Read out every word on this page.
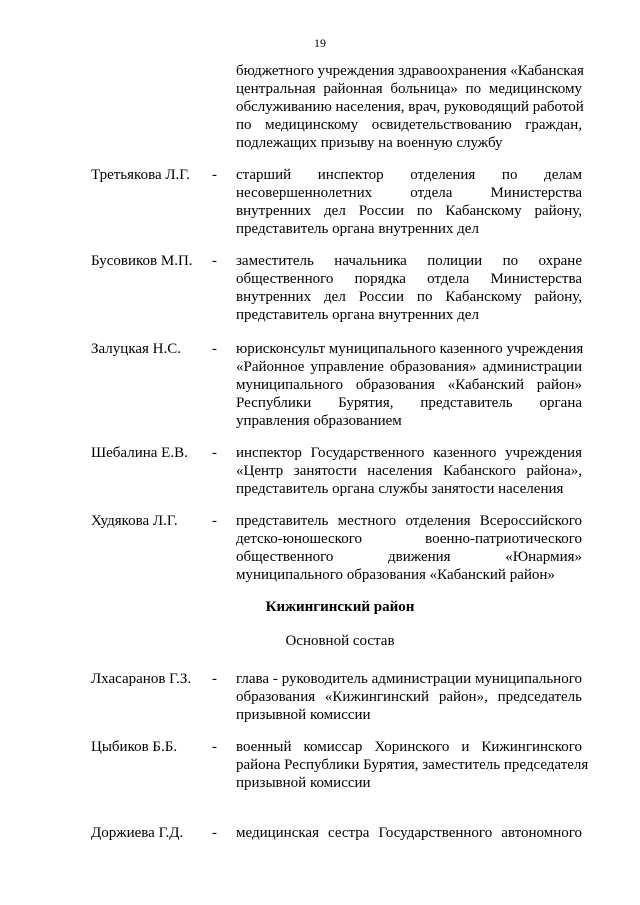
19
бюджетного учреждения здравоохранения «Кабанская
центральная районная больница» по медицинскому
обслуживанию населения, врач, руководящий работой
по медицинскому освидетельствованию граждан,
подлежащих призыву на военную службу
Третьякова Л.Г. - старший инспектор отделения по делам
несовершеннолетних отдела Министерства
внутренних дел России по Кабанскому району,
представитель органа внутренних дел
Бусовиков М.П. - заместитель начальника полиции по охране
общественного порядка отдела Министерства
внутренних дел России по Кабанскому району,
представитель органа внутренних дел
Залуцкая Н.С. - юрисконсульт муниципального казенного учреждения
«Районное управление образования» администрации
муниципального образования «Кабанский район»
Республики Бурятия, представитель органа
управления образованием
Шебалина Е.В. - инспектор Государственного казенного учреждения
«Центр занятости населения Кабанского района»,
представитель органа службы занятости населения
Худякова Л.Г. - представитель местного отделения Всероссийского
детско-юношеского военно-патриотического
общественного движения «Юнармия»
муниципального образования «Кабанский район»
Кижингинский район
Основной состав
Лхасаранов Г.З. - глава - руководитель администрации муниципального
образования «Кижингинский район», председатель
призывной комиссии
Цыбиков Б.Б. - военный комиссар Хоринского и Кижингинского
района Республики Бурятия, заместитель председателя
призывной комиссии
Доржиева Г.Д. - медицинская сестра Государственного автономного
